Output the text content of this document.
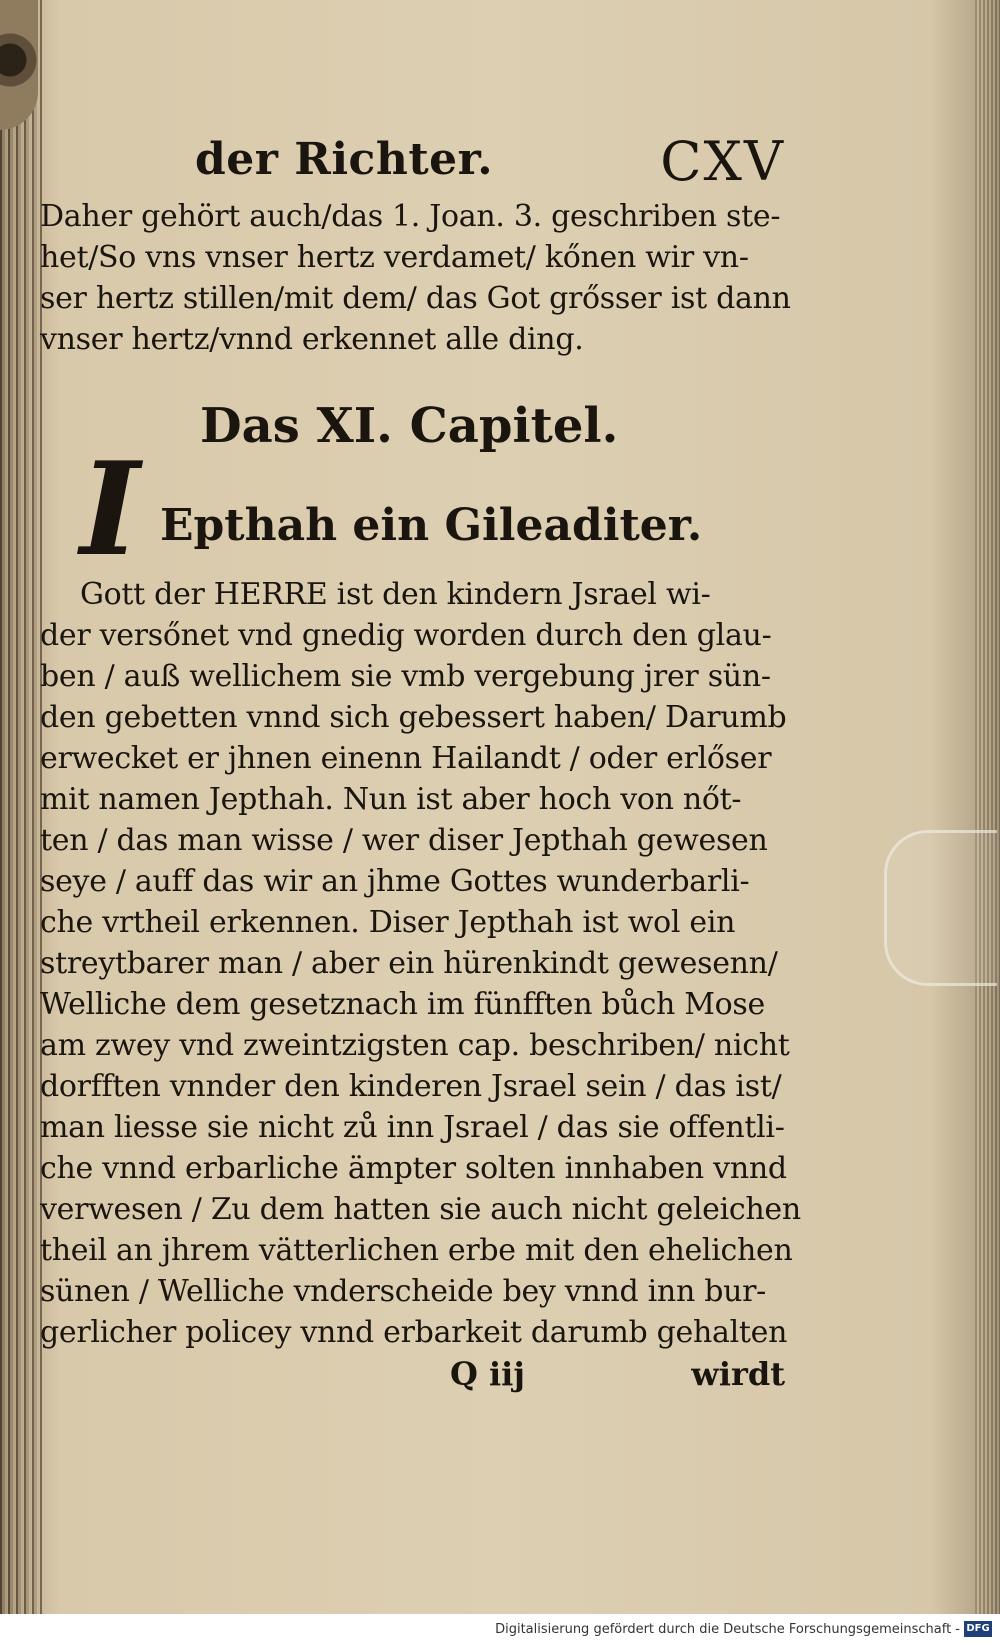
der Richter.	CXV
Daher gehört auch/das 1. Joan. 3. geschriben ste-
het/So vns vnser hertz verdamet/ kőnen wir vn-
ser hertz stillen/mit dem/ das Got grősser ist dann
vnser hertz/vnnd erkennet alle ding.
Das XI. Capitel.
I Epthah ein Gileaditer.
Gott der HERRE ist den kindern Jsrael wi-
der versőnet vnd gnedig worden durch den glau-
ben / auß wellichem sie vmb vergebung jrer sün-
den gebetten vnnd sich gebessert haben/ Darumb
erwecket er jhnen einenn Hailandt / oder erlőser
mit namen Jepthah. Nun ist aber hoch von nőt-
ten / das man wisse / wer diser Jepthah gewesen
seye / auff das wir an jhme Gottes wunderbarli-
che vrtheil erkennen. Diser Jepthah ist wol ein
streytbarer man / aber ein hürenkindt gewesenn/
Welliche dem gesetznach im fünfften bůch Mose
am zwey vnd zweintzigsten cap. beschriben/ nicht
dorfften vnnder den kinderen Jsrael sein / das ist/
man liesse sie nicht zů inn Jsrael / das sie offentli-
che vnnd erbarliche ämpter solten innhaben vnnd
verwesen / Zu dem hatten sie auch nicht geleichen
theil an jhrem vätterlichen erbe mit den ehelichen
sünen / Welliche vnderscheide bey vnnd inn bur-
gerlicher policey vnnd erbarkeit darumb gehalten
Q iij	wirdt
Digitalisierung gefördert durch die Deutsche Forschungsgemeinschaft - DFG
